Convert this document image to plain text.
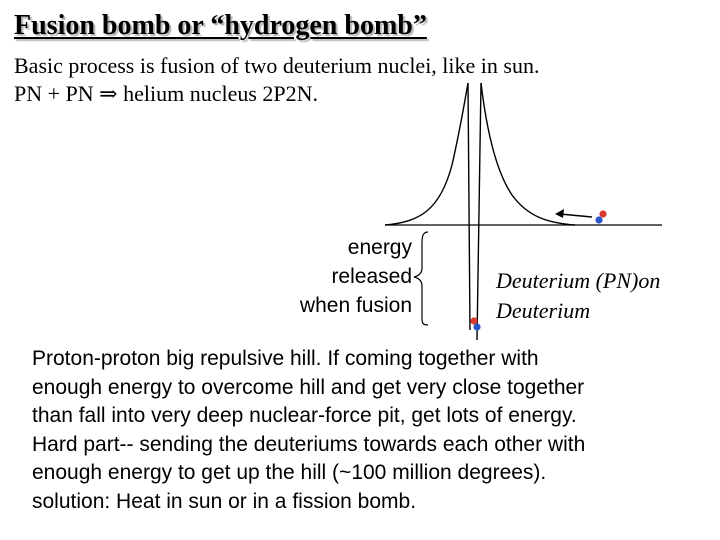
Fusion bomb or “hydrogen bomb”
Basic process is fusion of two deuterium nuclei, like in sun.
PN + PN ⇒ helium nucleus 2P2N.
energy
released
when fusion
Deuterium (PN)on
Deuterium
Proton-proton big repulsive hill. If coming together with
enough energy to overcome hill and get very close together
than fall into very deep nuclear-force pit, get lots of energy.
Hard part-- sending the deuteriums towards each other with
enough energy to get up the hill (~100 million degrees).
solution: Heat in sun or in a fission bomb.
